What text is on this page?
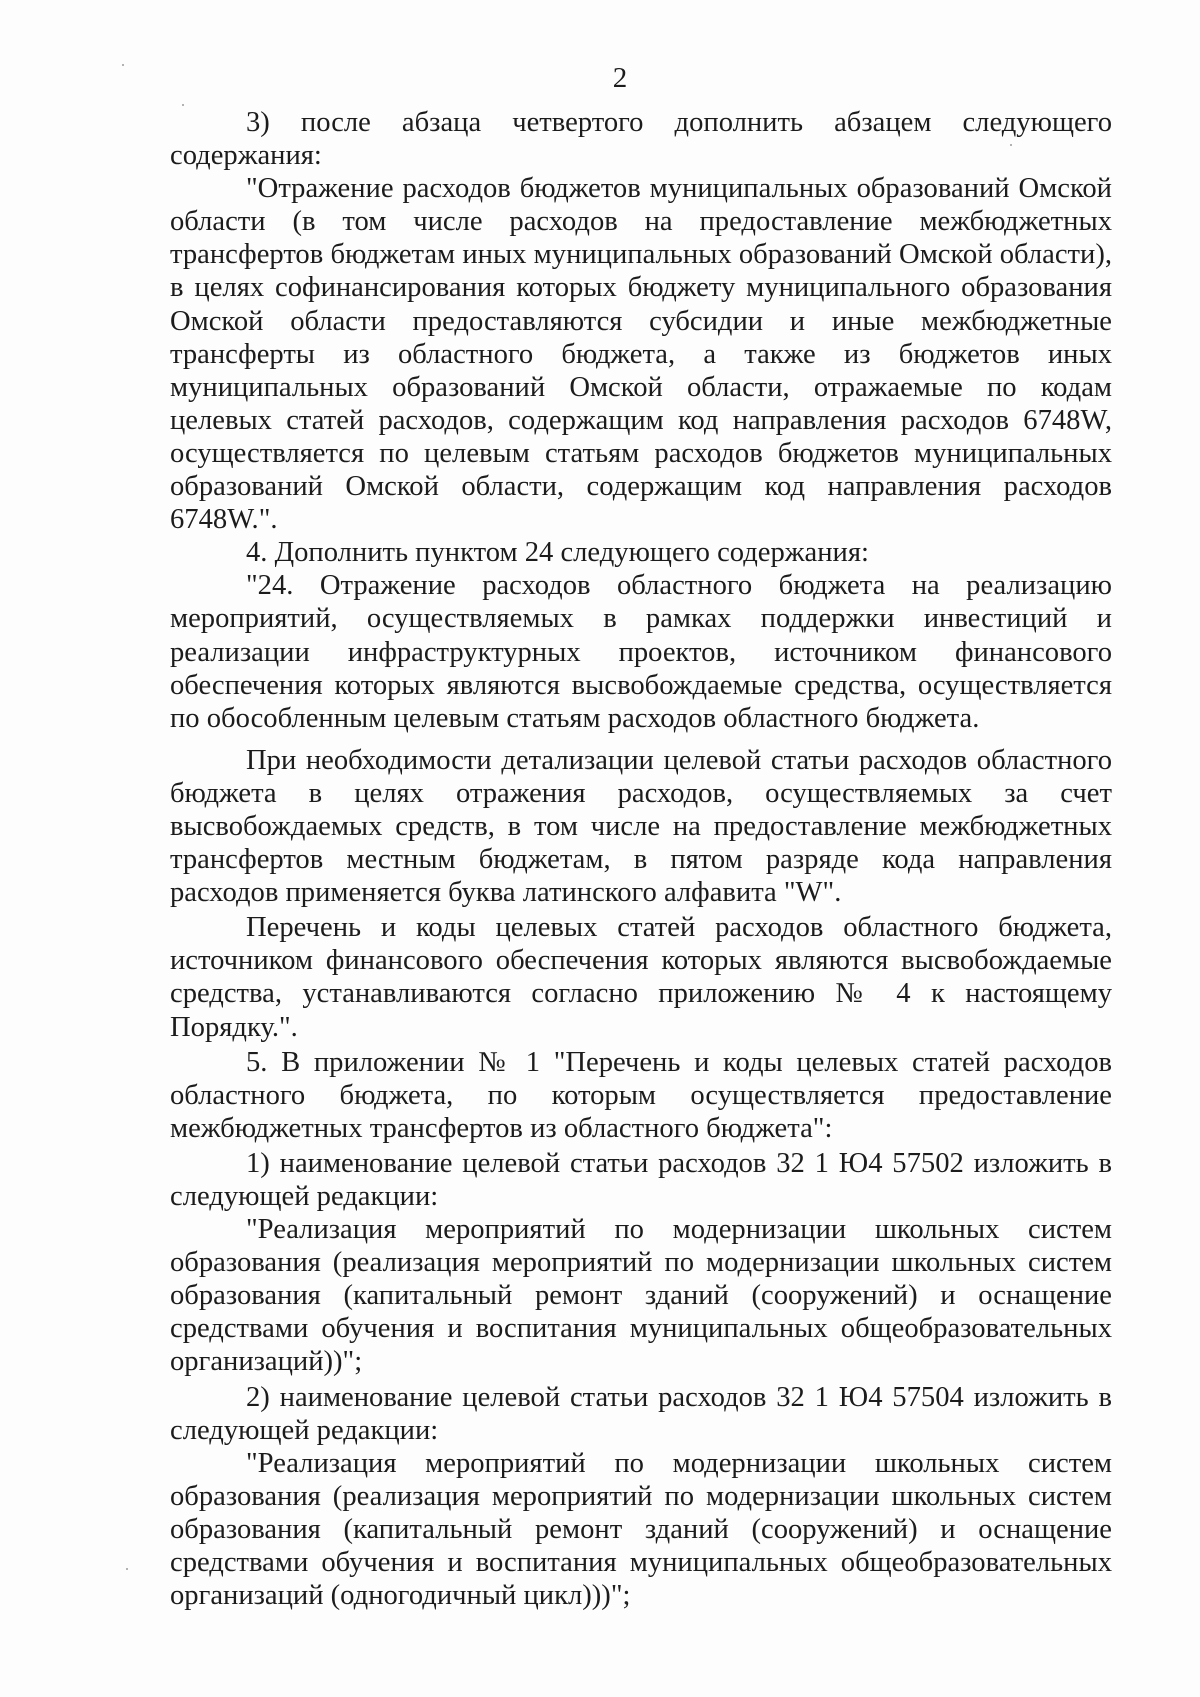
2

3) после абзаца четвертого дополнить абзацем следующего содержания:

"Отражение расходов бюджетов муниципальных образований Омской области (в том числе расходов на предоставление межбюджетных трансфертов бюджетам иных муниципальных образований Омской области), в целях софинансирования которых бюджету муниципального образования Омской области предоставляются субсидии и иные межбюджетные трансферты из областного бюджета, а также из бюджетов иных муниципальных образований Омской области, отражаемые по кодам целевых статей расходов, содержащим код направления расходов 6748W, осуществляется по целевым статьям расходов бюджетов муниципальных образований Омской области, содержащим код направления расходов 6748W.".

4. Дополнить пунктом 24 следующего содержания:

"24. Отражение расходов областного бюджета на реализацию мероприятий, осуществляемых в рамках поддержки инвестиций и реализации инфраструктурных проектов, источником финансового обеспечения которых являются высвобождаемые средства, осуществляется по обособленным целевым статьям расходов областного бюджета.

При необходимости детализации целевой статьи расходов областного бюджета в целях отражения расходов, осуществляемых за счет высвобождаемых средств, в том числе на предоставление межбюджетных трансфертов местным бюджетам, в пятом разряде кода направления расходов применяется буква латинского алфавита "W".

Перечень и коды целевых статей расходов областного бюджета, источником финансового обеспечения которых являются высвобождаемые средства, устанавливаются согласно приложению № 4 к настоящему Порядку.".

5. В приложении № 1 "Перечень и коды целевых статей расходов областного бюджета, по которым осуществляется предоставление межбюджетных трансфертов из областного бюджета":

1) наименование целевой статьи расходов 32 1 Ю4 57502 изложить в следующей редакции:

"Реализация мероприятий по модернизации школьных систем образования (реализация мероприятий по модернизации школьных систем образования (капитальный ремонт зданий (сооружений) и оснащение средствами обучения и воспитания муниципальных общеобразовательных организаций))";

2) наименование целевой статьи расходов 32 1 Ю4 57504 изложить в следующей редакции:

"Реализация мероприятий по модернизации школьных систем образования (реализация мероприятий по модернизации школьных систем образования (капитальный ремонт зданий (сооружений) и оснащение средствами обучения и воспитания муниципальных общеобразовательных организаций (одногодичный цикл)))";
